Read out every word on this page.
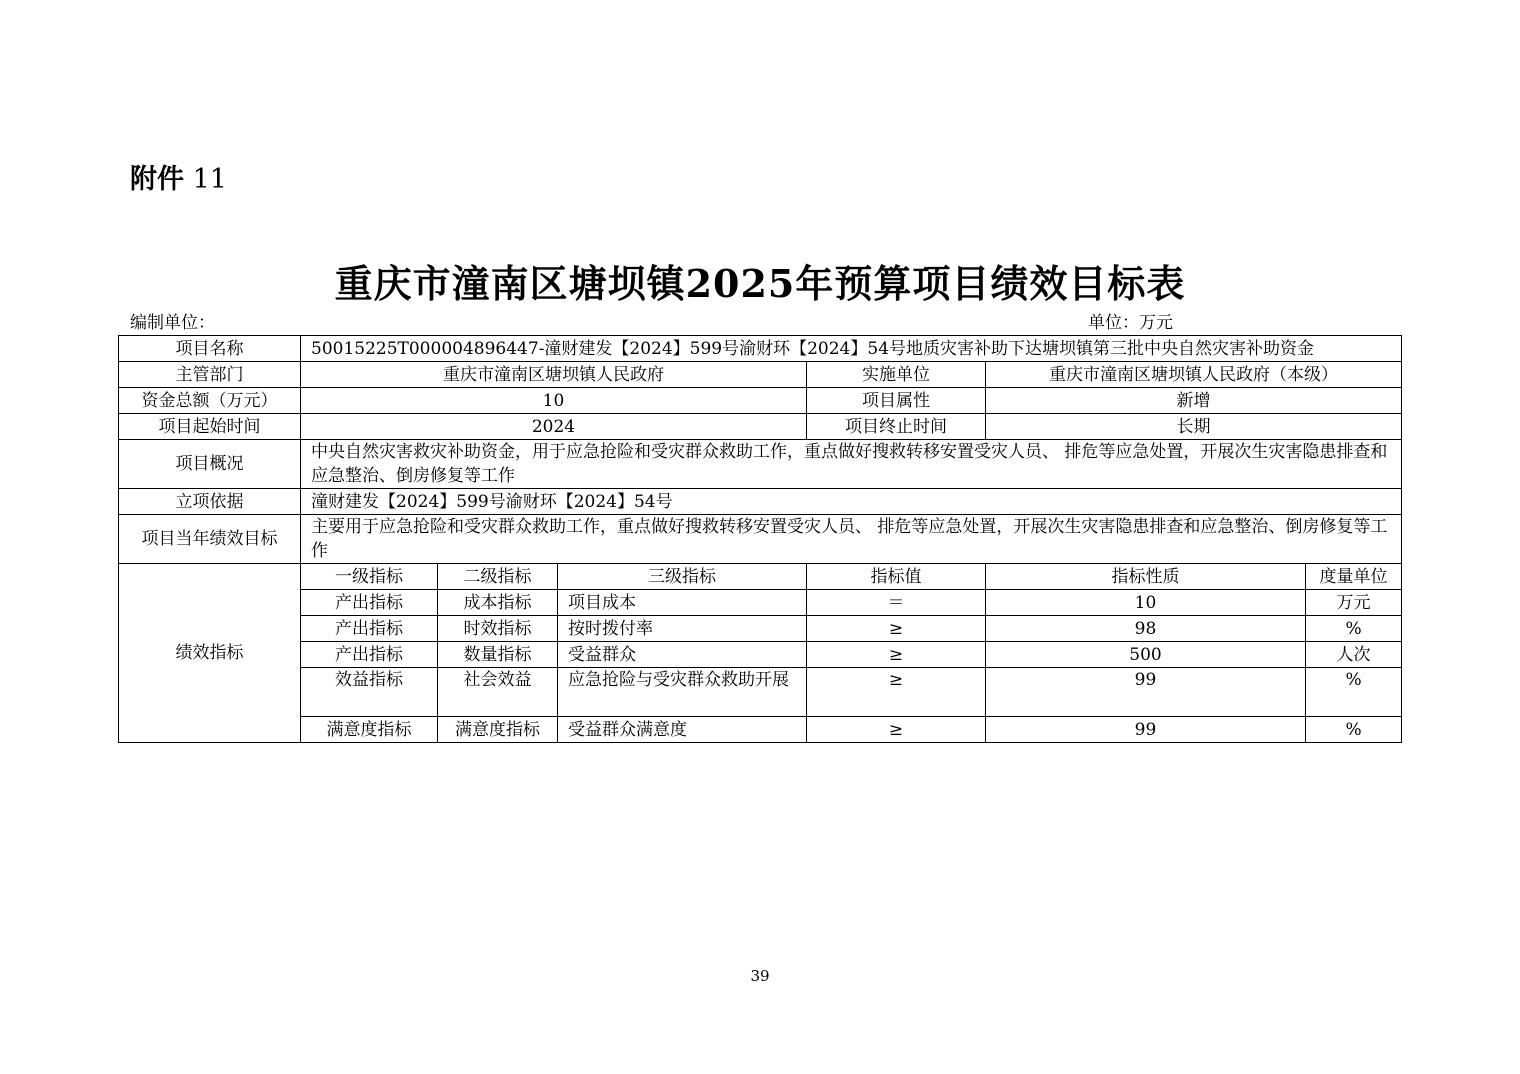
附件 11
重庆市潼南区塘坝镇2025年预算项目绩效目标表
编制单位：	单位：万元
项目名称	50015225T000004896447-潼财建发【2024】599号渝财环【2024】54号地质灾害补助下达塘坝镇第三批中央自然灾害补助资金					
主管部门	重庆市潼南区塘坝镇人民政府			实施单位	重庆市潼南区塘坝镇人民政府（本级）	
资金总额（万元）	10			项目属性	新增	
项目起始时间	2024			项目终止时间	长期	
项目概况	中央自然灾害救灾补助资金，用于应急抢险和受灾群众救助工作，重点做好搜救转移安置受灾人员、 排危等应急处置，开展次生灾害隐患排查和应急整治、倒房修复等工作					
立项依据	潼财建发【2024】599号渝财环【2024】54号					
项目当年绩效目标	主要用于应急抢险和受灾群众救助工作，重点做好搜救转移安置受灾人员、 排危等应急处置，开展次生灾害隐患排查和应急整治、倒房修复等工作					
绩效指标	一级指标	二级指标	三级指标	指标值	指标性质	度量单位
	产出指标	成本指标	项目成本	＝	10	万元
	产出指标	时效指标	按时拨付率	≥	98	%
	产出指标	数量指标	受益群众	≥	500	人次
	效益指标	社会效益	应急抢险与受灾群众救助开展	≥	99	%
	满意度指标	满意度指标	受益群众满意度	≥	99	%
39
